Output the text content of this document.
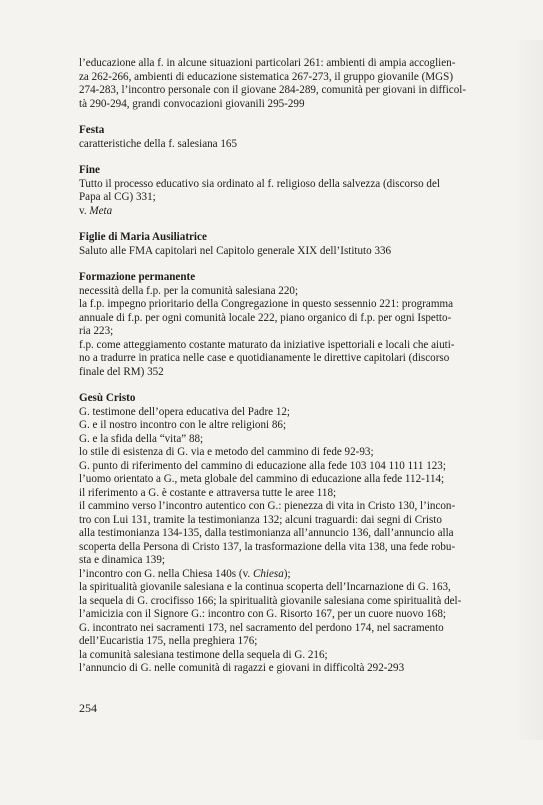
l’educazione alla f. in alcune situazioni particolari 261: ambienti di ampia accoglien-
za 262-266, ambienti di educazione sistematica 267-273, il gruppo giovanile (MGS)
274-283, l’incontro personale con il giovane 284-289, comunità per giovani in difficol-
tà 290-294, grandi convocazioni giovanili 295-299
Festa
caratteristiche della f. salesiana 165
Fine
Tutto il processo educativo sia ordinato al f. religioso della salvezza (discorso del
Papa al CG) 331;
v. Meta
Figlie di Maria Ausiliatrice
Saluto alle FMA capitolari nel Capitolo generale XIX dell’Istituto 336
Formazione permanente
necessità della f.p. per la comunità salesiana 220;
la f.p. impegno prioritario della Congregazione in questo sessennio 221: programma
annuale di f.p. per ogni comunità locale 222, piano organico di f.p. per ogni Ispetto-
ria 223;
f.p. come atteggiamento costante maturato da iniziative ispettoriali e locali che aiuti-
no a tradurre in pratica nelle case e quotidianamente le direttive capitolari (discorso
finale del RM) 352
Gesù Cristo
G. testimone dell’opera educativa del Padre 12;
G. e il nostro incontro con le altre religioni 86;
G. e la sfida della “vita” 88;
lo stile di esistenza di G. via e metodo del cammino di fede 92-93;
G. punto di riferimento del cammino di educazione alla fede 103 104 110 111 123;
l’uomo orientato a G., meta globale del cammino di educazione alla fede 112-114;
il riferimento a G. è costante e attraversa tutte le aree 118;
il cammino verso l’incontro autentico con G.: pienezza di vita in Cristo 130, l’incon-
tro con Lui 131, tramite la testimonianza 132; alcuni traguardi: dai segni di Cristo
alla testimonianza 134-135, dalla testimonianza all’annuncio 136, dall’annuncio alla
scoperta della Persona di Cristo 137, la trasformazione della vita 138, una fede robu-
sta e dinamica 139;
l’incontro con G. nella Chiesa 140s (v. Chiesa);
la spiritualità giovanile salesiana e la continua scoperta dell’Incarnazione di G. 163,
la sequela di G. crocifisso 166; la spiritualità giovanile salesiana come spiritualità del-
l’amicizia con il Signore G.: incontro con G. Risorto 167, per un cuore nuovo 168;
G. incontrato nei sacramenti 173, nel sacramento del perdono 174, nel sacramento
dell’Eucaristia 175, nella preghiera 176;
la comunità salesiana testimone della sequela di G. 216;
l’annuncio di G. nelle comunità di ragazzi e giovani in difficoltà 292-293
254
